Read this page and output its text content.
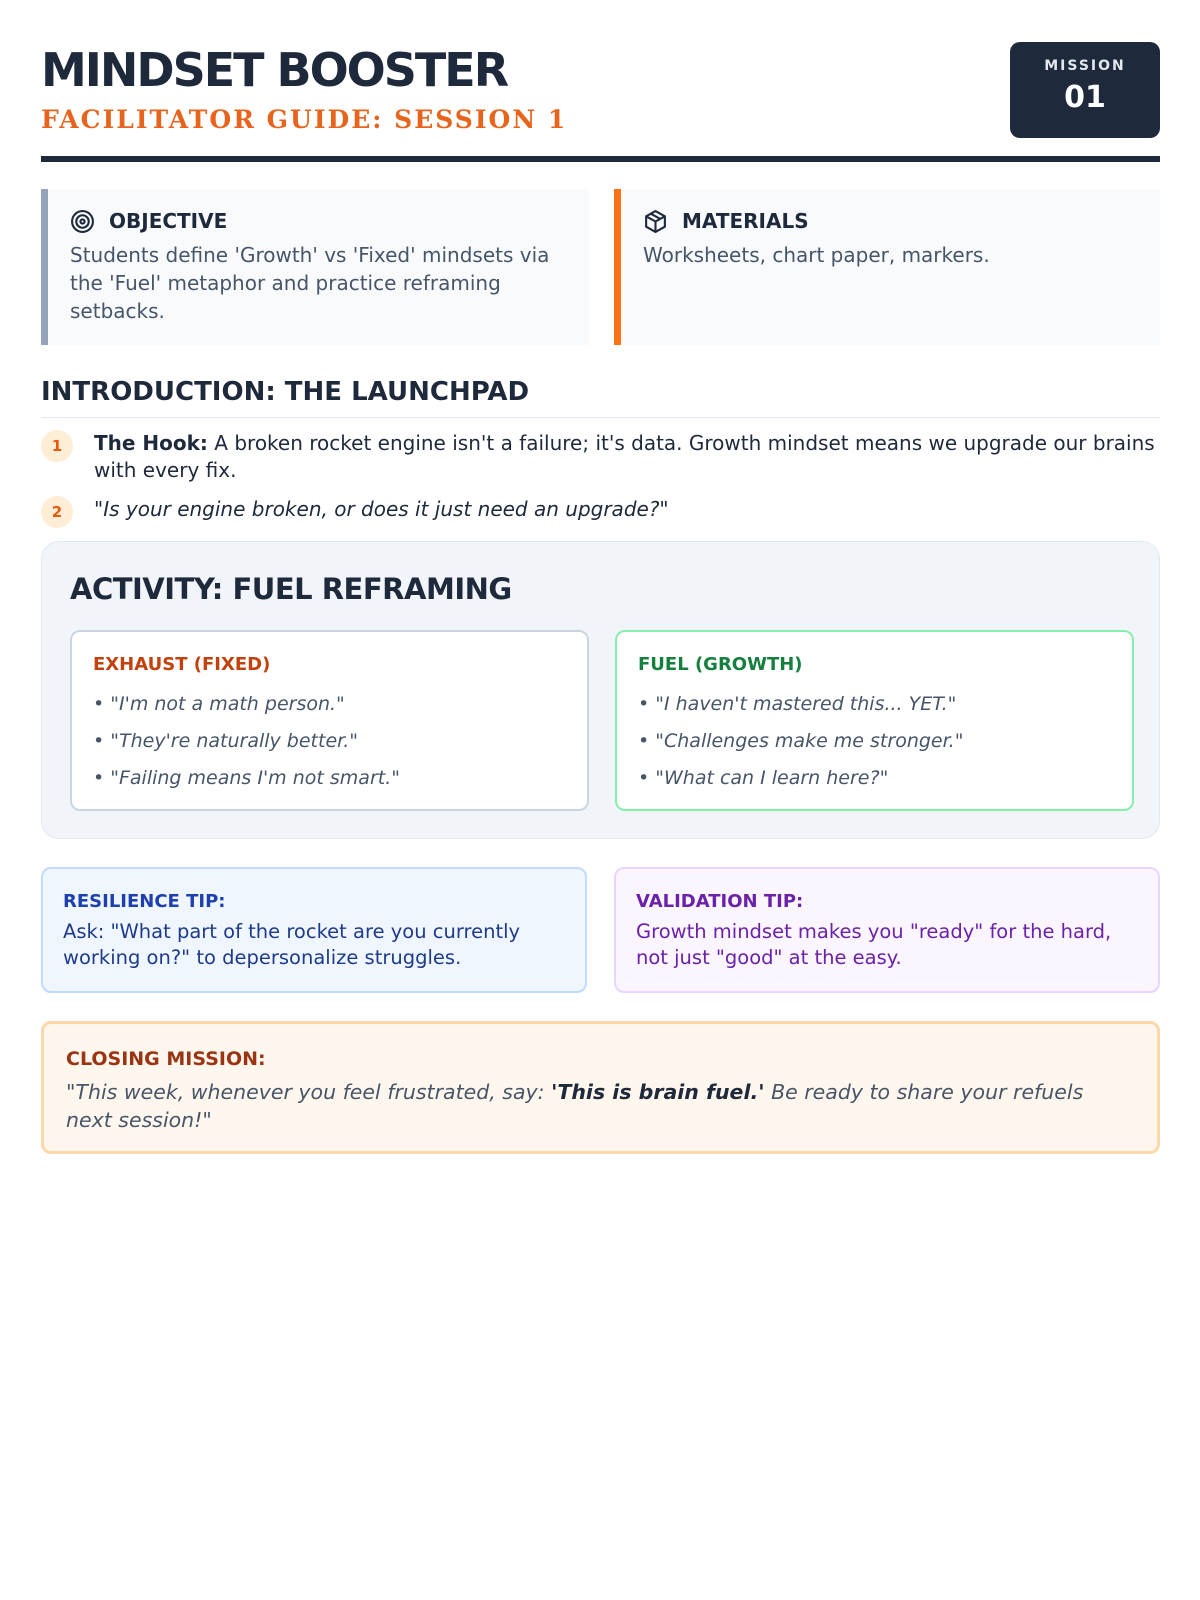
MINDSET BOOSTER
FACILITATOR GUIDE: SESSION 1
MISSION
01
OBJECTIVE

Students define 'Growth' vs 'Fixed' mindsets via the 'Fuel' metaphor and practice reframing setbacks.

MATERIALS

Worksheets, chart paper, markers.

INTRODUCTION: THE LAUNCHPAD
1	The Hook: A broken rocket engine isn't a failure; it's data. Growth mindset means we upgrade our brains with every fix.
2	"Is your engine broken, or does it just need an upgrade?"
ACTIVITY: FUEL REFRAMING
EXHAUST (FIXED)
• "I'm not a math person."
• "They're naturally better."
• "Failing means I'm not smart."
FUEL (GROWTH)
• "I haven't mastered this... YET."
• "Challenges make me stronger."
• "What can I learn here?"
RESILIENCE TIP:

Ask: "What part of the rocket are you currently working on?" to depersonalize struggles.

VALIDATION TIP:

Growth mindset makes you "ready" for the hard, not just "good" at the easy.

CLOSING MISSION:

"This week, whenever you feel frustrated, say: 'This is brain fuel.' Be ready to share your refuels next session!"
